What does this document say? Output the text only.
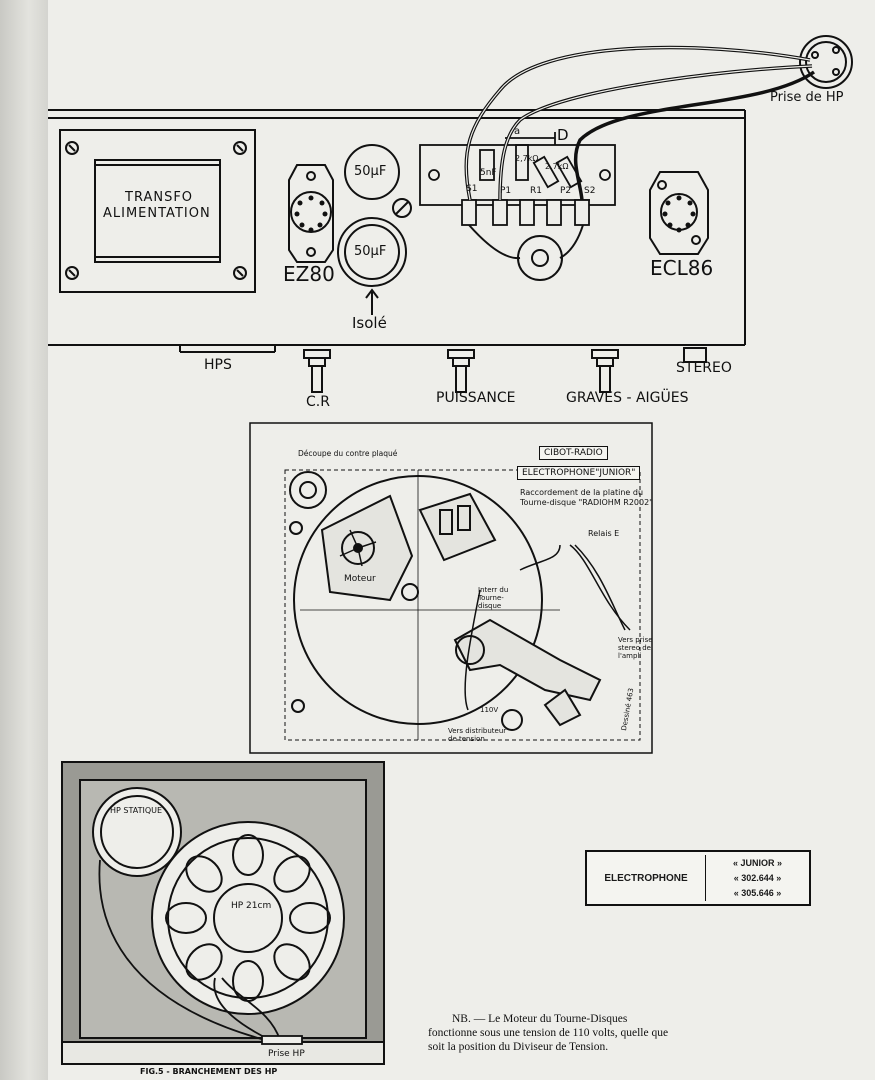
TRANSFO
ALIMENTATION
EZ80	ECL86
50µF
50µF
Isolé
Prise de HP
HPS
C.R	PUISSANCE	GRAVES - AIGÜES
STEREO
S1
5nF
P1 R1
2,7kΩ
2,7kΩ
P2 S2
D
a
CIBOT-RADIO
ELECTROPHONE"JUNIOR"
Raccordement de la platine du
Tourne-disque "RADIOHM R2002"
Découpe du contre plaqué
Moteur
Relais E
Interr du Tourne-disque
Vers prise stereo de l'ampli
Vers distributeur de tension
110V	Dessiné 463
HP STATIQUE
HP 21cm
Prise HP
FIG.5 - BRANCHEMENT DES HP
ELECTROPHONE
« JUNIOR »
« 302.644 »
« 305.646 »

NB. — Le Moteur du Tourne-Disques fonctionne sous une tension de 110 volts, quelle que soit la position du Diviseur de Tension.
